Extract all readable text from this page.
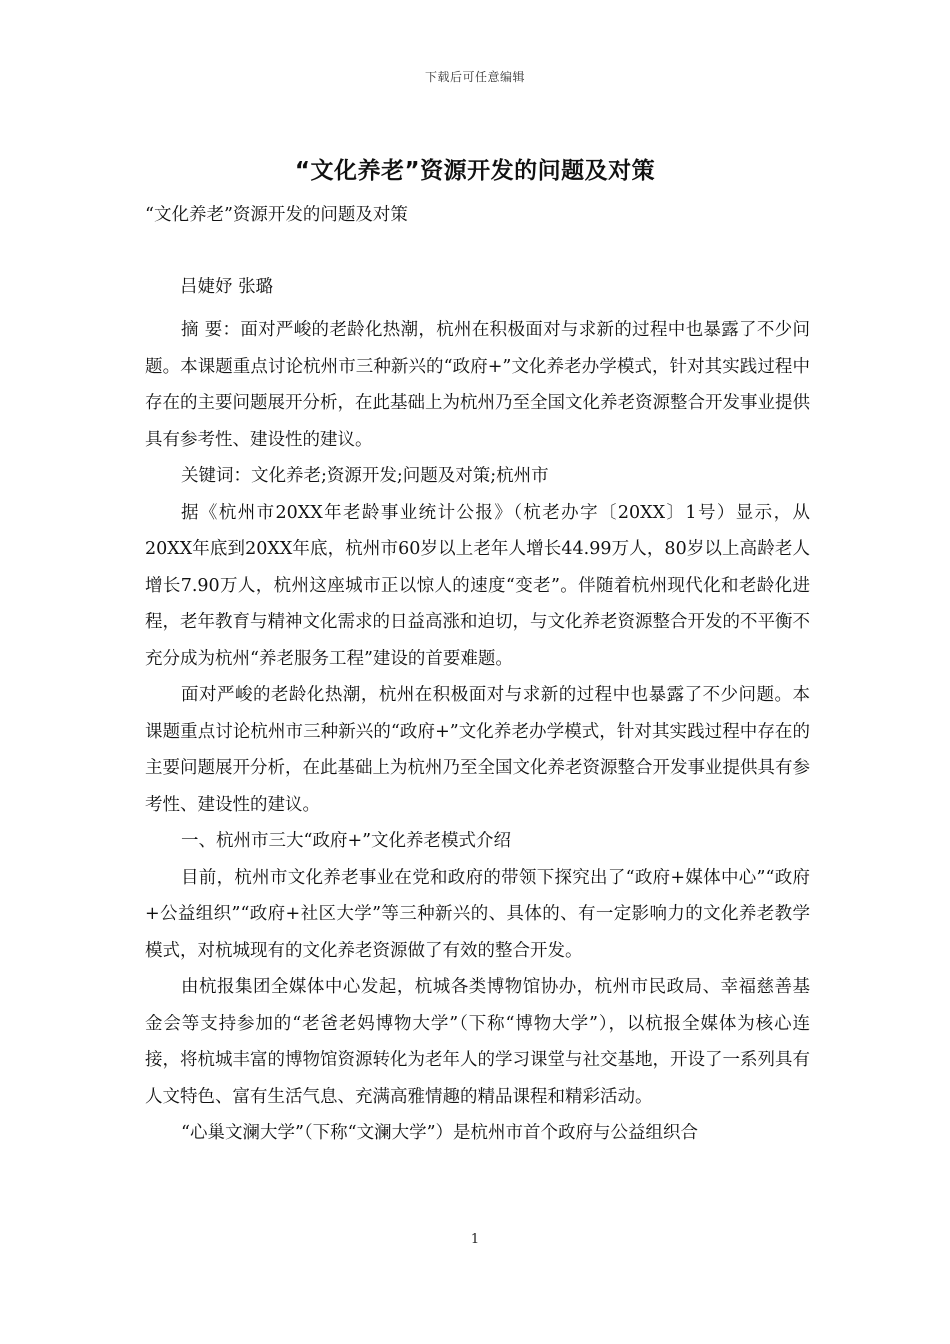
下载后可任意编辑
“文化养老”资源开发的问题及对策
“文化养老”资源开发的问题及对策
吕婕妤 张璐

摘 要：面对严峻的老龄化热潮，杭州在积极面对与求新的过程中也暴露了不少问题。本课题重点讨论杭州市三种新兴的“政府+”文化养老办学模式，针对其实践过程中存在的主要问题展开分析，在此基础上为杭州乃至全国文化养老资源整合开发事业提供具有参考性、建设性的建议。

关键词：文化养老;资源开发;问题及对策;杭州市

据《杭州市20XX年老龄事业统计公报》（杭老办字〔20XX〕1号）显示，从20XX年底到20XX年底，杭州市60岁以上老年人增长44.99万人，80岁以上高龄老人增长7.90万人，杭州这座城市正以惊人的速度“变老”。伴随着杭州现代化和老龄化进程，老年教育与精神文化需求的日益高涨和迫切，与文化养老资源整合开发的不平衡不充分成为杭州“养老服务工程”建设的首要难题。

面对严峻的老龄化热潮，杭州在积极面对与求新的过程中也暴露了不少问题。本课题重点讨论杭州市三种新兴的“政府+”文化养老办学模式，针对其实践过程中存在的主要问题展开分析，在此基础上为杭州乃至全国文化养老资源整合开发事业提供具有参考性、建设性的建议。

一、杭州市三大“政府+”文化养老模式介绍

目前，杭州市文化养老事业在党和政府的带领下探究出了“政府+媒体中心”“政府+公益组织”“政府+社区大学”等三种新兴的、具体的、有一定影响力的文化养老教学模式，对杭城现有的文化养老资源做了有效的整合开发。

由杭报集团全媒体中心发起，杭城各类博物馆协办，杭州市民政局、幸福慈善基金会等支持参加的“老爸老妈博物大学”（下称“博物大学”），以杭报全媒体为核心连接，将杭城丰富的博物馆资源转化为老年人的学习课堂与社交基地，开设了一系列具有人文特色、富有生活气息、充满高雅情趣的精品课程和精彩活动。

“心巢文澜大学”（下称“文澜大学”）是杭州市首个政府与公益组织合

1
